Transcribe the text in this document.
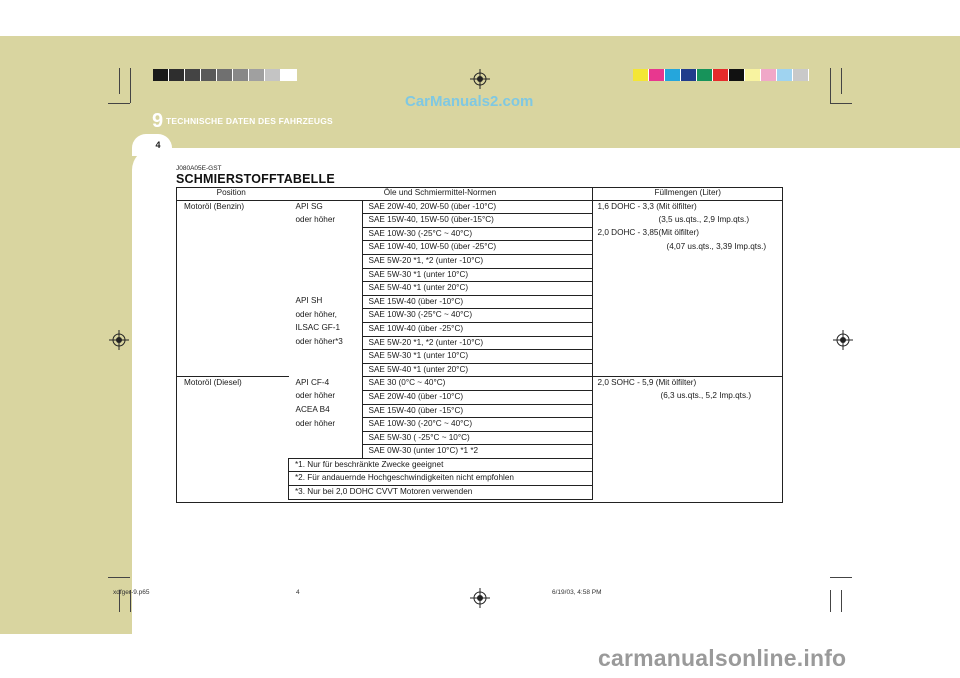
CarManuals2.com
9 TECHNISCHE DATEN DES FAHRZEUGS
4
J080A05E-GST
SCHMIERSTOFFTABELLE
Position	Öle und Schmiermittel-Normen		Füllmengen (Liter)
Motoröl (Benzin)	API SG	SAE 20W-40, 20W-50 (über -10°C)	1,6 DOHC - 3,3 (Mit ölfilter)
	oder höher	SAE 15W-40, 15W-50 (über-15°C)	(3,5 us.qts., 2,9 Imp.qts.)
		SAE 10W-30 (-25°C ~ 40°C)	2,0 DOHC - 3,85(Mit ölfilter)
		SAE 10W-40, 10W-50 (über -25°C)	(4,07 us.qts., 3,39 Imp.qts.)
		SAE 5W-20 *1, *2 (unter -10°C)	
		SAE 5W-30 *1 (unter 10°C)	
		SAE 5W-40 *1 (unter 20°C)	
	API SH	SAE 15W-40 (über -10°C)	
	oder höher,	SAE 10W-30 (-25°C ~ 40°C)	
	ILSAC GF-1	SAE 10W-40 (über -25°C)	
	oder höher*3	SAE 5W-20 *1, *2 (unter -10°C)	
		SAE 5W-30 *1 (unter 10°C)	
		SAE 5W-40 *1 (unter 20°C)	
Motoröl (Diesel)	API CF-4	SAE 30 (0°C ~ 40°C)	2,0 SOHC - 5,9 (Mit ölfilter)
	oder höher	SAE 20W-40 (über -10°C)	(6,3 us.qts., 5,2 Imp.qts.)
	ACEA B4	SAE 15W-40 (über -15°C)	
	oder höher	SAE 10W-30 (-20°C ~ 40°C)	
		SAE 5W-30 ( -25°C ~ 10°C)	
		SAE 0W-30 (unter 10°C) *1 *2	
	*1. Nur für beschränkte Zwecke geeignet		
	*2. Für andauernde Hochgeschwindigkeiten nicht empfohlen		
	*3. Nur bei 2,0 DOHC CVVT Motoren verwenden		
xdfger-9.p65	4	6/19/03, 4:58 PM
carmanualsonline.info
